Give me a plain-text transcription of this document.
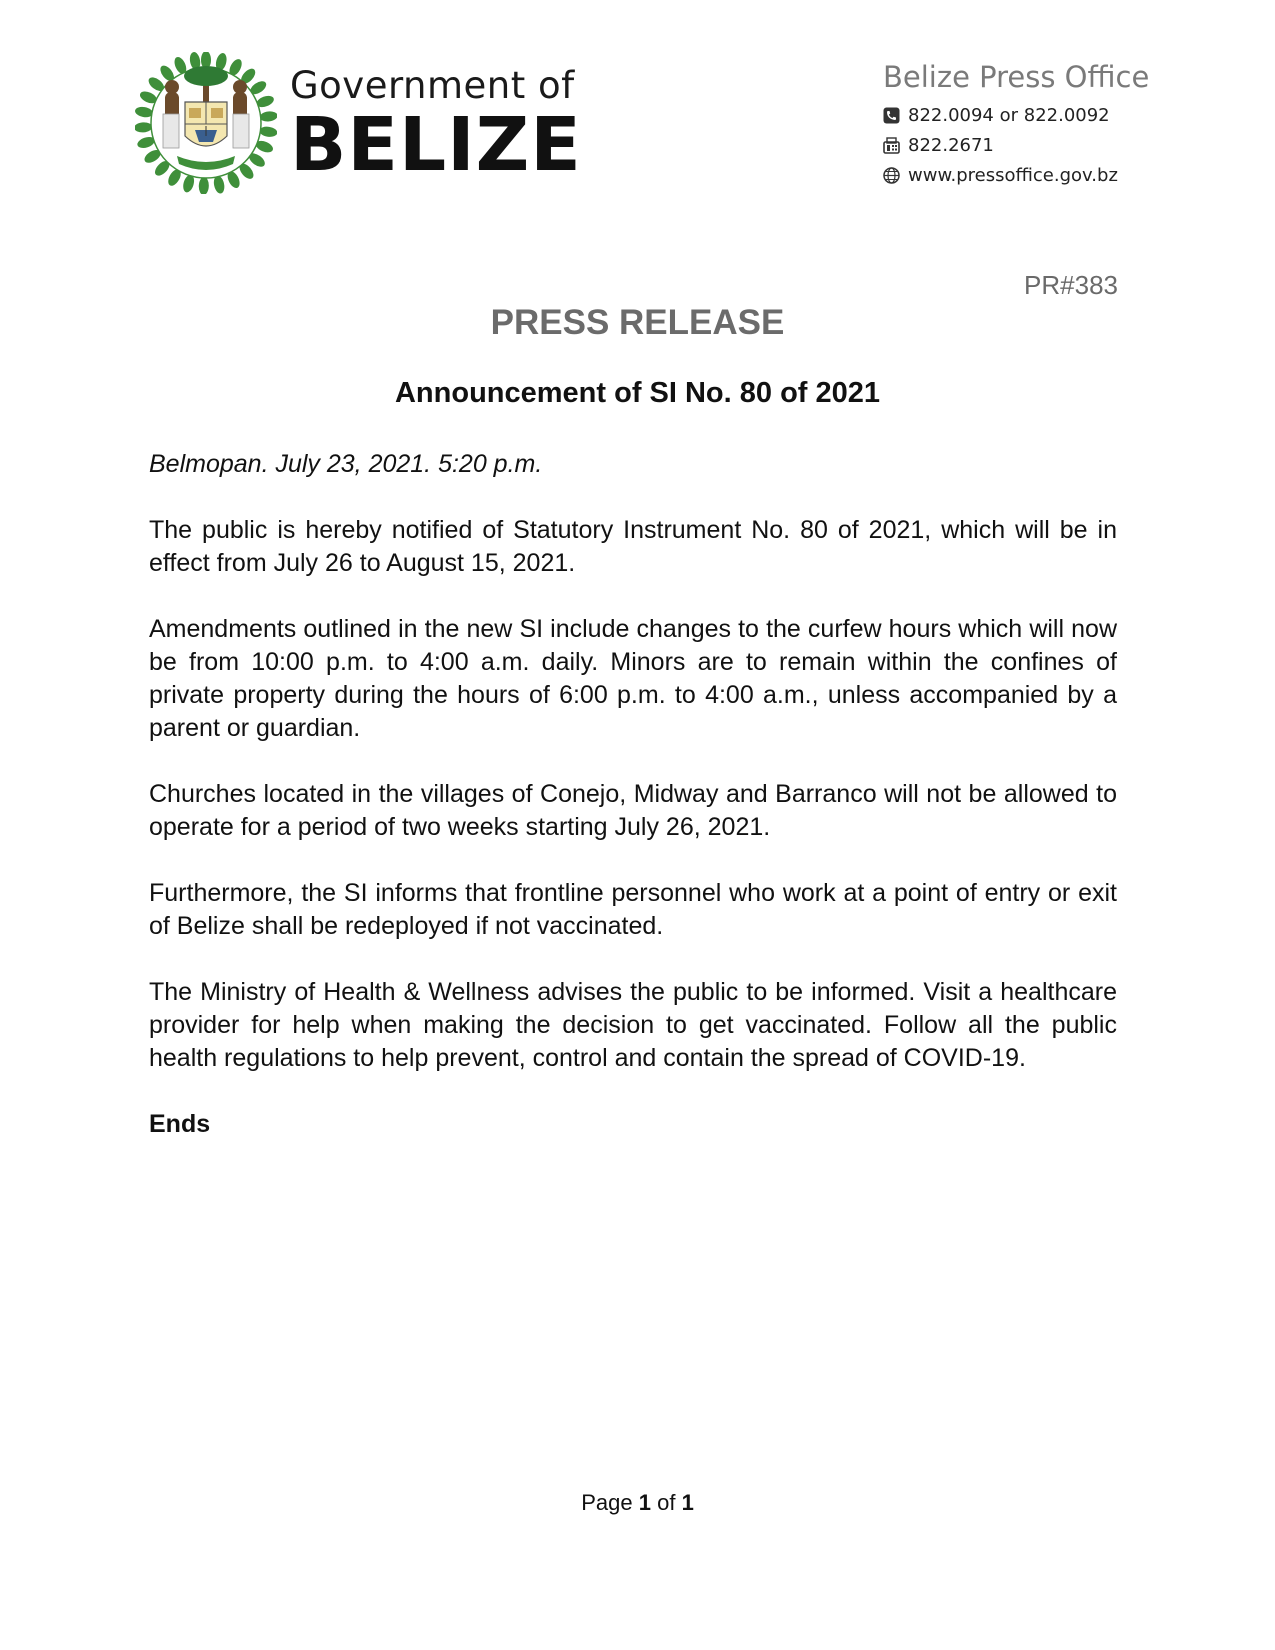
Government of
BELIZE
Belize Press Office
822.0094 or 822.0092
822.2671
www.pressoffice.gov.bz
PR#383
PRESS RELEASE
Announcement of SI No. 80 of 2021

Belmopan. July 23, 2021. 5:20 p.m.

The public is hereby notified of Statutory Instrument No. 80 of 2021, which will be in effect from July 26 to August 15, 2021.

Amendments outlined in the new SI include changes to the curfew hours which will now be from 10:00 p.m. to 4:00 a.m. daily. Minors are to remain within the confines of private property during the hours of 6:00 p.m. to 4:00 a.m., unless accompanied by a parent or guardian.

Churches located in the villages of Conejo, Midway and Barranco will not be allowed to operate for a period of two weeks starting July 26, 2021.

Furthermore, the SI informs that frontline personnel who work at a point of entry or exit of Belize shall be redeployed if not vaccinated.

The Ministry of Health & Wellness advises the public to be informed. Visit a healthcare provider for help when making the decision to get vaccinated. Follow all the public health regulations to help prevent, control and contain the spread of COVID-19.

Ends

Page 1 of 1
